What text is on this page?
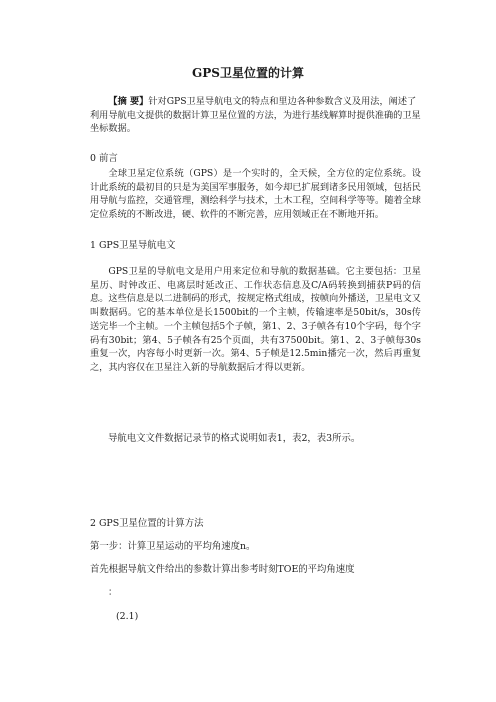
GPS卫星位置的计算
【摘 要】针对GPS卫星导航电文的特点和里边各种参数含义及用法，阐述了利用导航电文提供的数据计算卫星位置的方法，为进行基线解算时提供准确的卫星坐标数据。
0 前言
全球卫星定位系统（GPS）是一个实时的，全天候，全方位的定位系统。设计此系统的最初目的只是为美国军事服务，如今却已扩展到诸多民用领域，包括民用导航与监控，交通管理，测绘科学与技术，土木工程，空间科学等等。随着全球定位系统的不断改进，硬、软件的不断完善，应用领域正在不断地开拓。
1 GPS卫星导航电文
GPS卫星的导航电文是用户用来定位和导航的数据基础。它主要包括：卫星星历、时钟改正、电离层时延改正、工作状态信息及C/A码转换到捕获P码的信息。这些信息是以二进制码的形式，按规定格式组成，按帧向外播送，卫星电文又叫数据码。它的基本单位是长1500bit的一个主帧，传输速率是50bit/s，30s传送完毕一个主帧。一个主帧包括5个子帧，第1、2、3子帧各有10个字码，每个字码有30bit；第4、5子帧各有25个页面，共有37500bit。第1、2、3子帧每30s重复一次，内容每小时更新一次。第4、5子帧是12.5min播完一次，然后再重复之，其内容仅在卫星注入新的导航数据后才得以更新。
导航电文文件数据记录节的格式说明如表1，表2，表3所示。
2 GPS卫星位置的计算方法
第一步：计算卫星运动的平均角速度n。
首先根据导航文件给出的参数计算出参考时刻TOE的平均角速度
：
(2.1)
